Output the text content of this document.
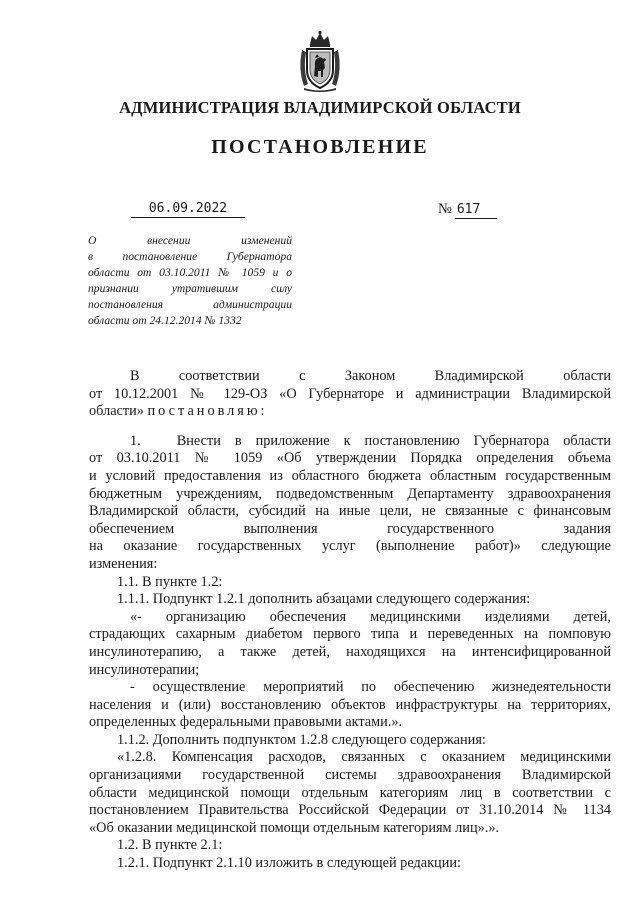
АДМИНИСТРАЦИЯ ВЛАДИМИРСКОЙ ОБЛАСТИ
ПОСТАНОВЛЕНИЕ
06.09.2022	№ 617
О внесении изменений
в постановление Губернатора
области от 03.10.2011 № 1059 и о
признании утратившим силу
постановления администрации
области от 24.12.2014 № 1332

В соответствии с Законом Владимирской области
от 10.12.2001 № 129-ОЗ «О Губернаторе и администрации Владимирской
области» постановляю:

1.	Внести в приложение к постановлению Губернатора области
от 03.10.2011 № 1059 «Об утверждении Порядка определения объема
и условий предоставления из областного бюджета областным государственным
бюджетным учреждениям, подведомственным Департаменту здравоохранения
Владимирской области, субсидий на иные цели, не связанные с финансовым
обеспечением выполнения государственного задания
на оказание государственных услуг (выполнение работ)» следующие
изменения:

1.1. В пункте 1.2:

1.1.1. Подпункт 1.2.1 дополнить абзацами следующего содержания:

«- организацию обеспечения медицинскими изделиями детей,
страдающих сахарным диабетом первого типа и переведенных на помповую
инсулинотерапию, а также детей, находящихся на интенсифицированной
инсулинотерапии;

- осуществление мероприятий по обеспечению жизнедеятельности
населения и (или) восстановлению объектов инфраструктуры на территориях,
определенных федеральными правовыми актами.».

1.1.2. Дополнить подпунктом 1.2.8 следующего содержания:

«1.2.8. Компенсация расходов, связанных с оказанием медицинскими
организациями государственной системы здравоохранения Владимирской
области медицинской помощи отдельным категориям лиц в соответствии с
постановлением Правительства Российской Федерации от 31.10.2014 № 1134
«Об оказании медицинской помощи отдельным категориям лиц».».

1.2. В пункте 2.1:

1.2.1. Подпункт 2.1.10 изложить в следующей редакции:
